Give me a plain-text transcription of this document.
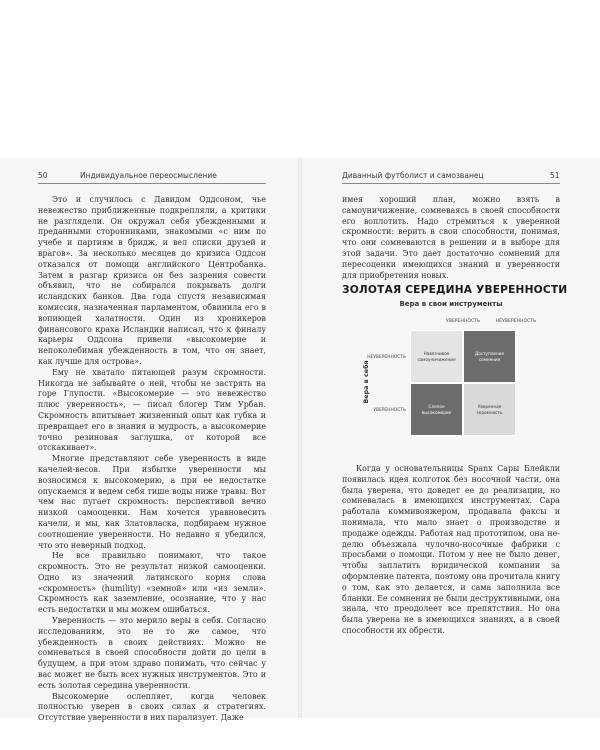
50	Индивидуальное переосмысление	Диванный футболист и самозванец	51

Это и случилось с Давидом Оддсоном, чье невежество приближенные подкрепляли, а критики не разглядели. Он окружал себя убежденными и преданными сторонниками, знакомыми «с ним по учебе и партиям в бридж, и вел списки друзей и врагов». За несколько месяцев до кризиса Оддсон отказался от помощи английского Центробанка. Затем в разгар кризиса он без зазрения совести объявил, что не собирался покрывать долги исландских банков. Два года спустя независимая комиссия, назначенная парламентом, обвинила его в вопиющей халатности. Один из хроникеров финансового краха Исландии написал, что к финалу карьеры Оддсона привели «высокомерие и непоколебимая убежденность в том, что он знает, как лучше для острова».

Ему не хватало питающей разум скромности. Никогда не забывайте о ней, чтобы не застрять на горе Глупости. «Высокомерие — это невежество плюс уверенность», — писал блогер Тим Урбан. Скромность впитывает жизненный опыт как губка и превращает его в знания и мудрость, а высокомерие точно резиновая заглушка, от которой все отскакивает».

Многие представляют себе уверенность в виде качелей-весов. При избытке уверенности мы возносимся к высокомерию, а при ее недостатке опускаемся и ведем себя тише воды ниже травы. Вот чем нас пугает скромность: перспективой вечно низкой самооценки. Нам хочется уравновесить качели, и мы, как Златовласка, подбираем нужное соотношение уверенности. Но недавно я убедился, что это неверный подход.

Не все правильно понимают, что такое скромность. Это не результат низкой самооценки. Одно из значений латинского корня слова «скромность» (humility) «земной» или «из земли». Скромность как заземление, осознание, что у нас есть недостатки и мы можем ошибаться.

Уверенность — это мерило веры в себя. Согласно исследованиям, это не то же самое, что убежденность в своих действиях. Можно не сомневаться в своей способности дойти до цели в будущем, а при этом здраво понимать, что сейчас у вас может не быть всех нужных инструментов. Это и есть золотая середина уверенности.

Высокомерие ослепляет, когда человек полностью уверен в своих силах и стратегиях. Отсутствие уверенности в них парализует. Даже

имея хороший план, можно взять в самоуничижение, сомневаясь в своей способности его воплотить. Надо стремиться к уверенной скромности: верить в свои способности, понимая, что они сомневаются в решении и в выборе для этой задачи. Это дает достаточно сомнений для пересоценки имеющихся знаний и уверенности для приобретения новых.

ЗОЛОТАЯ СЕРЕДИНА УВЕРЕННОСТИ
Вера в свои инструменты
УВЕРЕННОСТЬ	НЕУВЕРЕННОСТЬ
Вера в себя
НЕУВЕРЕННОСТЬ
УВЕРЕННОСТЬ
Навязчивое самоуничижение
Доступление сомнения
Слепое высокомерие
Уверенная скромность

Когда у основательницы Spanx Сары Блейкли появилась идея колготок без носочной части, она была уверена, что доведет ее до реализации, но сомневалась в имеющихся инструментах. Сара работала коммивояжером, продавала факсы и понимала, что мало знает о производстве и продаже одежды. Работая над прототипом, она неделю объезжала чулочно-носочные фабрики с просьбами о помощи. Потом у нее не было денег, чтобы заплатить юридической компании за оформление патента, поэтому она прочитала книгу о том, как это делается, и сама заполнила все бланки. Ее сомнения не были деструктивными, она знала, что преодолеет все препятствия. Но она была уверена не в имеющихся знаниях, а в своей способности их обрести.
